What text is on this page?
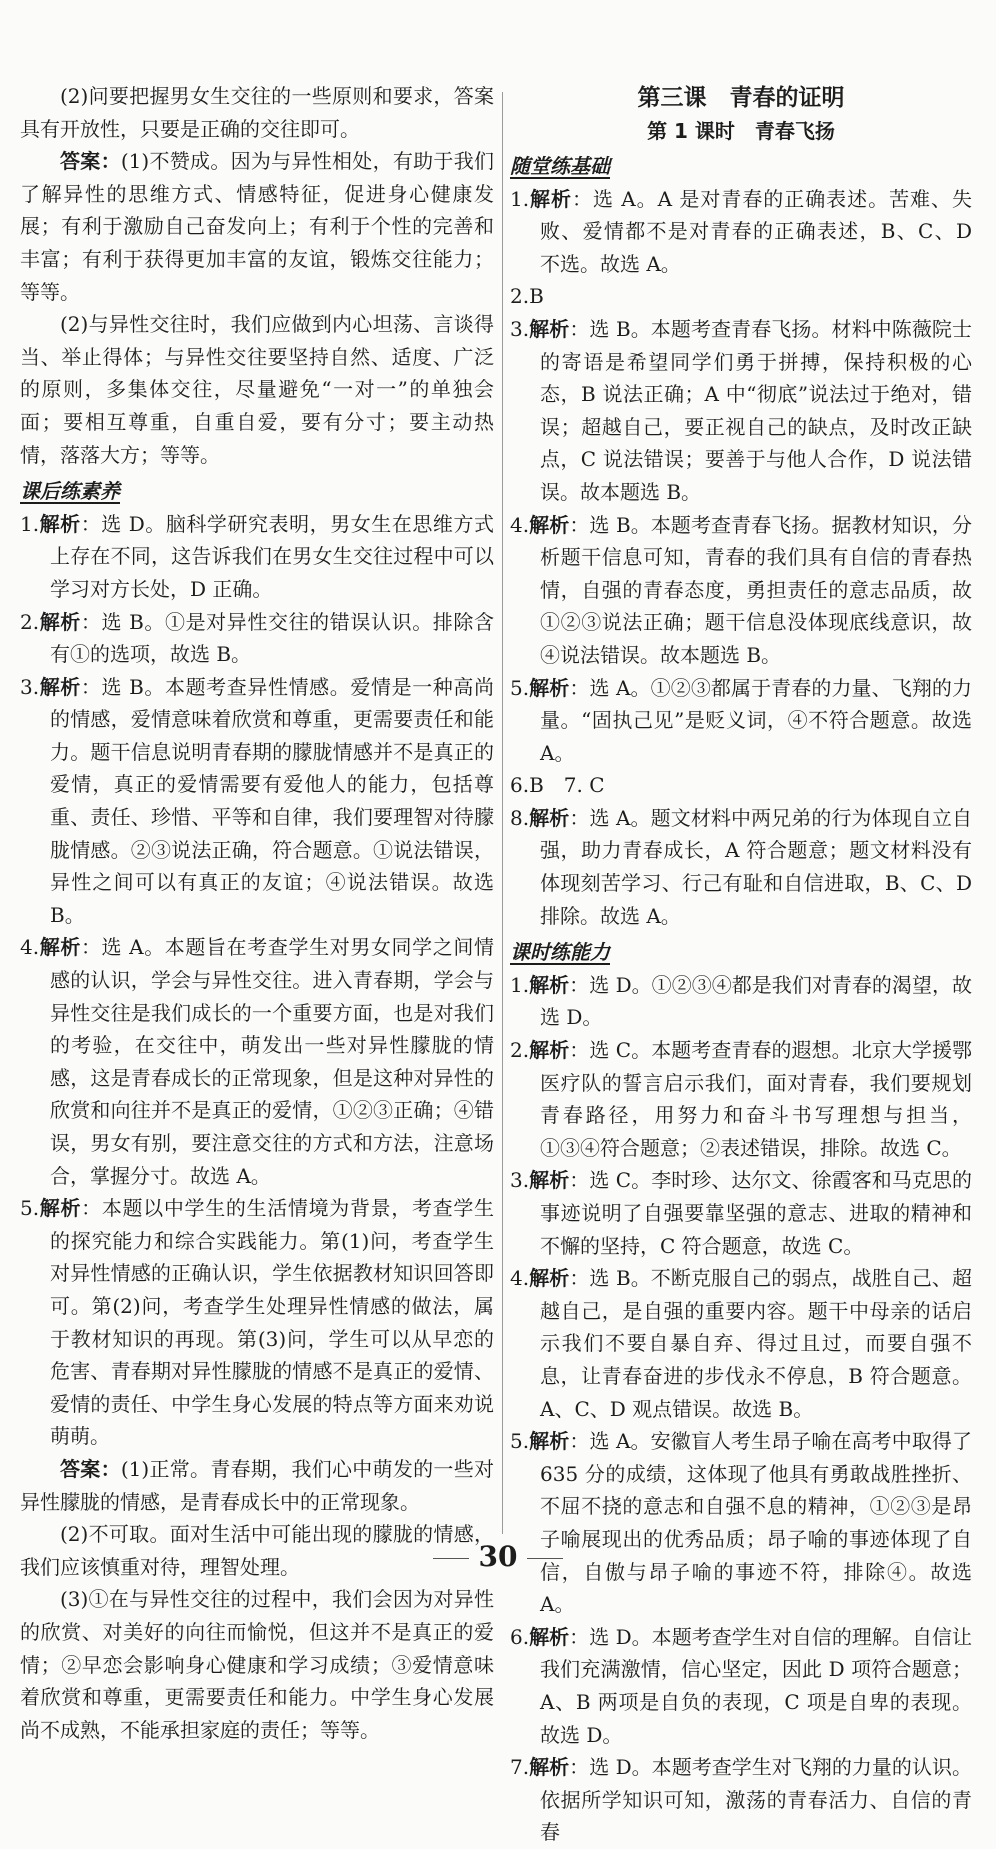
(2)问要把握男女生交往的一些原则和要求，答案具有开放性，只要是正确的交往即可。

答案：(1)不赞成。因为与异性相处，有助于我们了解异性的思维方式、情感特征，促进身心健康发展；有利于激励自己奋发向上；有利于个性的完善和丰富；有利于获得更加丰富的友谊，锻炼交往能力；等等。

(2)与异性交往时，我们应做到内心坦荡、言谈得当、举止得体；与异性交往要坚持自然、适度、广泛的原则，多集体交往，尽量避免“一对一”的单独会面；要相互尊重，自重自爱，要有分寸；要主动热情，落落大方；等等。

课后练素养

1.解析：选 D。脑科学研究表明，男女生在思维方式上存在不同，这告诉我们在男女生交往过程中可以学习对方长处，D 正确。

2.解析：选 B。①是对异性交往的错误认识。排除含有①的选项，故选 B。

3.解析：选 B。本题考查异性情感。爱情是一种高尚的情感，爱情意味着欣赏和尊重，更需要责任和能力。题干信息说明青春期的朦胧情感并不是真正的爱情，真正的爱情需要有爱他人的能力，包括尊重、责任、珍惜、平等和自律，我们要理智对待朦胧情感。②③说法正确，符合题意。①说法错误，异性之间可以有真正的友谊；④说法错误。故选 B。

4.解析：选 A。本题旨在考查学生对男女同学之间情感的认识，学会与异性交往。进入青春期，学会与异性交往是我们成长的一个重要方面，也是对我们的考验，在交往中，萌发出一些对异性朦胧的情感，这是青春成长的正常现象，但是这种对异性的欣赏和向往并不是真正的爱情，①②③正确；④错误，男女有别，要注意交往的方式和方法，注意场合，掌握分寸。故选 A。

5.解析：本题以中学生的生活情境为背景，考查学生的探究能力和综合实践能力。第(1)问，考查学生对异性情感的正确认识，学生依据教材知识回答即可。第(2)问，考查学生处理异性情感的做法，属于教材知识的再现。第(3)问，学生可以从早恋的危害、青春期对异性朦胧的情感不是真正的爱情、爱情的责任、中学生身心发展的特点等方面来劝说萌萌。

答案：(1)正常。青春期，我们心中萌发的一些对异性朦胧的情感，是青春成长中的正常现象。

(2)不可取。面对生活中可能出现的朦胧的情感，我们应该慎重对待，理智处理。

(3)①在与异性交往的过程中，我们会因为对异性的欣赏、对美好的向往而愉悦，但这并不是真正的爱情；②早恋会影响身心健康和学习成绩；③爱情意味着欣赏和尊重，更需要责任和能力。中学生身心发展尚不成熟，不能承担家庭的责任；等等。

第三课　青春的证明

第 1 课时　青春飞扬

随堂练基础

1.解析：选 A。A 是对青春的正确表述。苦难、失败、爱情都不是对青春的正确表述，B、C、D 不选。故选 A。

2.B

3.解析：选 B。本题考查青春飞扬。材料中陈薇院士的寄语是希望同学们勇于拼搏，保持积极的心态，B 说法正确；A 中“彻底”说法过于绝对，错误；超越自己，要正视自己的缺点，及时改正缺点，C 说法错误；要善于与他人合作，D 说法错误。故本题选 B。

4.解析：选 B。本题考查青春飞扬。据教材知识，分析题干信息可知，青春的我们具有自信的青春热情，自强的青春态度，勇担责任的意志品质，故①②③说法正确；题干信息没体现底线意识，故④说法错误。故本题选 B。

5.解析：选 A。①②③都属于青春的力量、飞翔的力量。“固执己见”是贬义词，④不符合题意。故选 A。

6.B　7. C

8.解析：选 A。题文材料中两兄弟的行为体现自立自强，助力青春成长，A 符合题意；题文材料没有体现刻苦学习、行己有耻和自信进取，B、C、D 排除。故选 A。

课时练能力

1.解析：选 D。①②③④都是我们对青春的渴望，故选 D。

2.解析：选 C。本题考查青春的遐想。北京大学援鄂医疗队的誓言启示我们，面对青春，我们要规划青春路径，用努力和奋斗书写理想与担当，①③④符合题意；②表述错误，排除。故选 C。

3.解析：选 C。李时珍、达尔文、徐霞客和马克思的事迹说明了自强要靠坚强的意志、进取的精神和不懈的坚持，C 符合题意，故选 C。

4.解析：选 B。不断克服自己的弱点，战胜自己、超越自己，是自强的重要内容。题干中母亲的话启示我们不要自暴自弃、得过且过，而要自强不息，让青春奋进的步伐永不停息，B 符合题意。A、C、D 观点错误。故选 B。

5.解析：选 A。安徽盲人考生昂子喻在高考中取得了 635 分的成绩，这体现了他具有勇敢战胜挫折、不屈不挠的意志和自强不息的精神，①②③是昂子喻展现出的优秀品质；昂子喻的事迹体现了自信，自傲与昂子喻的事迹不符，排除④。故选 A。

6.解析：选 D。本题考查学生对自信的理解。自信让我们充满激情，信心坚定，因此 D 项符合题意；A、B 两项是自负的表现，C 项是自卑的表现。故选 D。

7.解析：选 D。本题考查学生对飞翔的力量的认识。依据所学知识可知，激荡的青春活力、自信的青春

30
